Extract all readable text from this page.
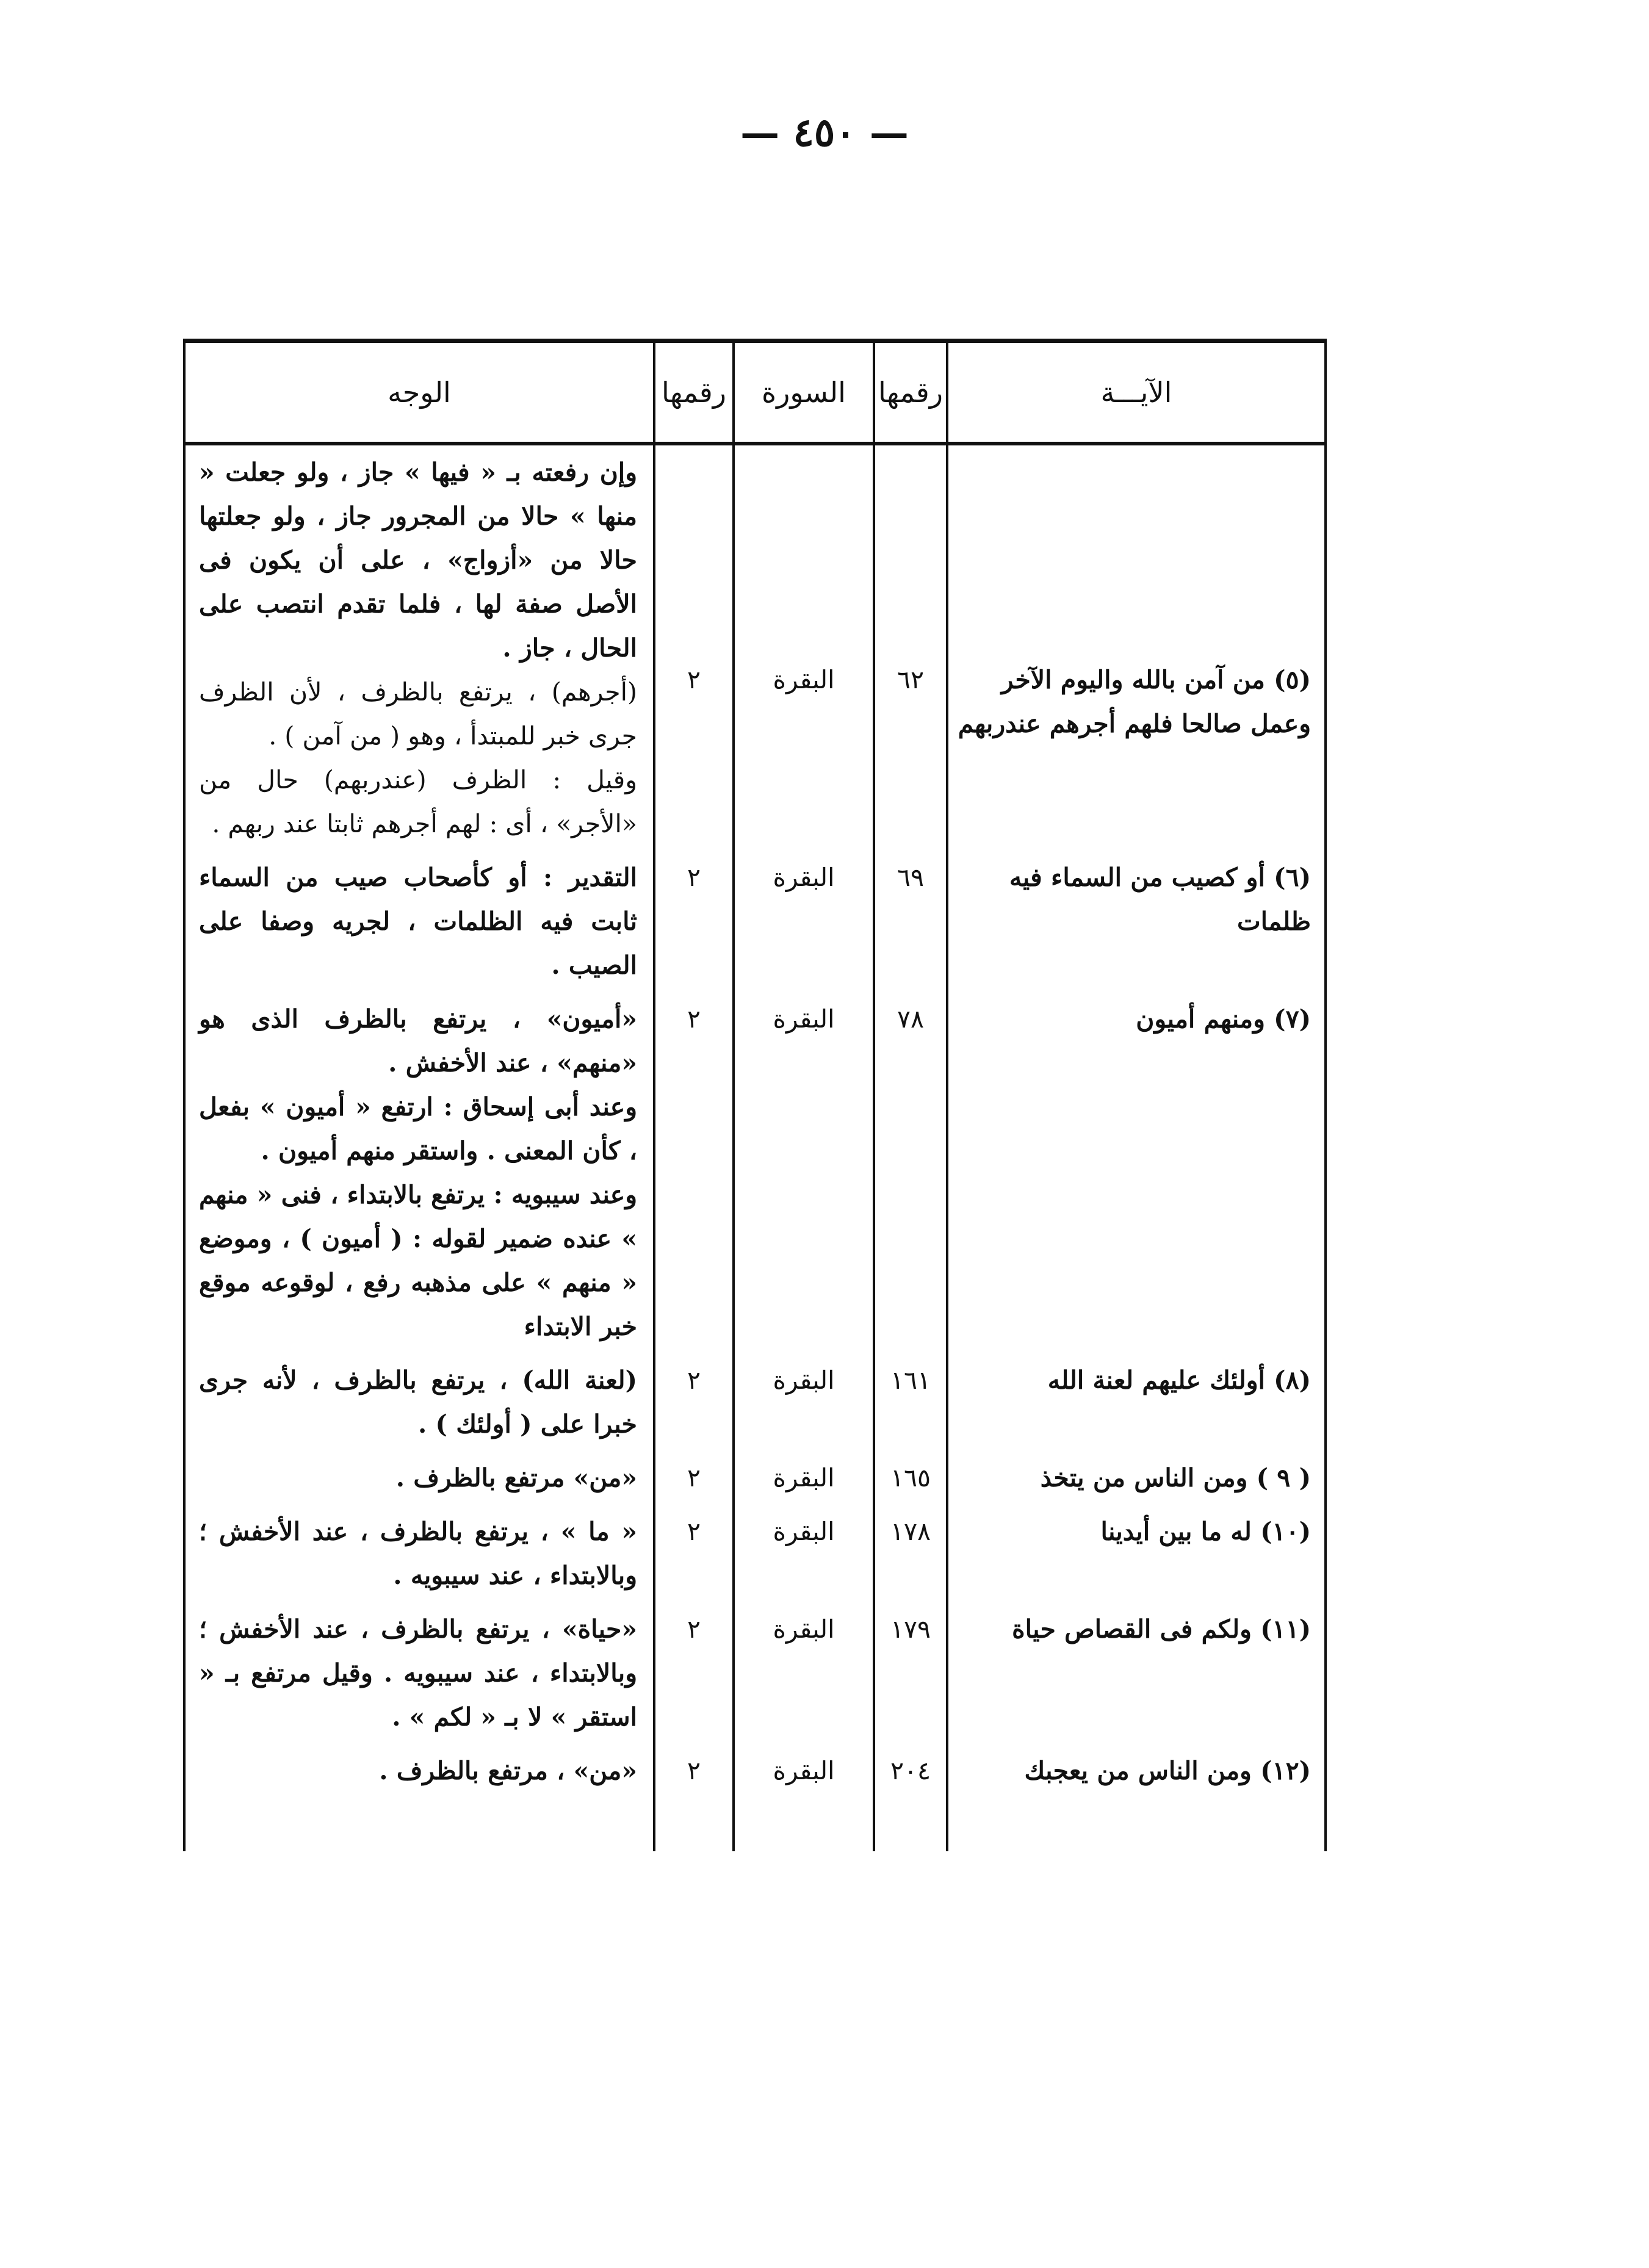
— ٤٥٠ —
الآيـــة	رقمها	السورة	رقمها	الوجه

(٥) من آمن بالله واليوم الآخر وعمل صالحا فلهم أجرهم عندربهم	٦٢	البقرة	٢	وإن رفعته بـ « فيها » جاز ، ولو جعلت « منها » حالا من المجرور جاز ، ولو جعلتها حالا من «أزواج» ، على أن يكون فى الأصل صفة لها ، فلما تقدم انتصب على الحال ، جاز .
(أجرهم) ، يرتفع بالظرف ، لأن الظرف جرى خبر للمبتدأ ، وهو ( من آمن ) .
وقيل : الظرف (عندربهم) حال من «الأجر» ، أى : لهم أجرهم ثابتا عند ربهم .

(٦) أو كصيب من السماء فيه ظلمات	٦٩	البقرة	٢	التقدير : أو كأصحاب صيب من السماء ثابت فيه الظلمات ، لجريه وصفا على الصيب .

(٧) ومنهم أميون	٧٨	البقرة	٢	«أميون» ، يرتفع بالظرف الذى هو «منهم» ، عند الأخفش .
وعند أبى إسحاق : ارتفع « أميون » بفعل ، كأن المعنى . واستقر منهم أميون .
وعند سيبويه : يرتفع بالابتداء ، فنى « منهم » عنده ضمير لقوله : ( أميون ) ، وموضع « منهم » على مذهبه رفع ، لوقوعه موقع خبر الابتداء

(٨) أولئك عليهم لعنة الله	١٦١	البقرة	٢	(لعنة الله) ، يرتفع بالظرف ، لأنه جرى خبرا على ( أولئك ) .

( ٩ ) ومن الناس من يتخذ	١٦٥	البقرة	٢	«من» مرتفع بالظرف .

(١٠) له ما بين أيدينا	١٧٨	البقرة	٢	« ما » ، يرتفع بالظرف ، عند الأخفش ؛ وبالابتداء ، عند سيبويه .

(١١) ولكم فى القصاص حياة	١٧٩	البقرة	٢	«حياة» ، يرتفع بالظرف ، عند الأخفش ؛ وبالابتداء ، عند سيبويه . وقيل مرتفع بـ « استقر » لا بـ « لكم » .

(١٢) ومن الناس من يعجبك	٢٠٤	البقرة	٢	«من» ، مرتفع بالظرف .
